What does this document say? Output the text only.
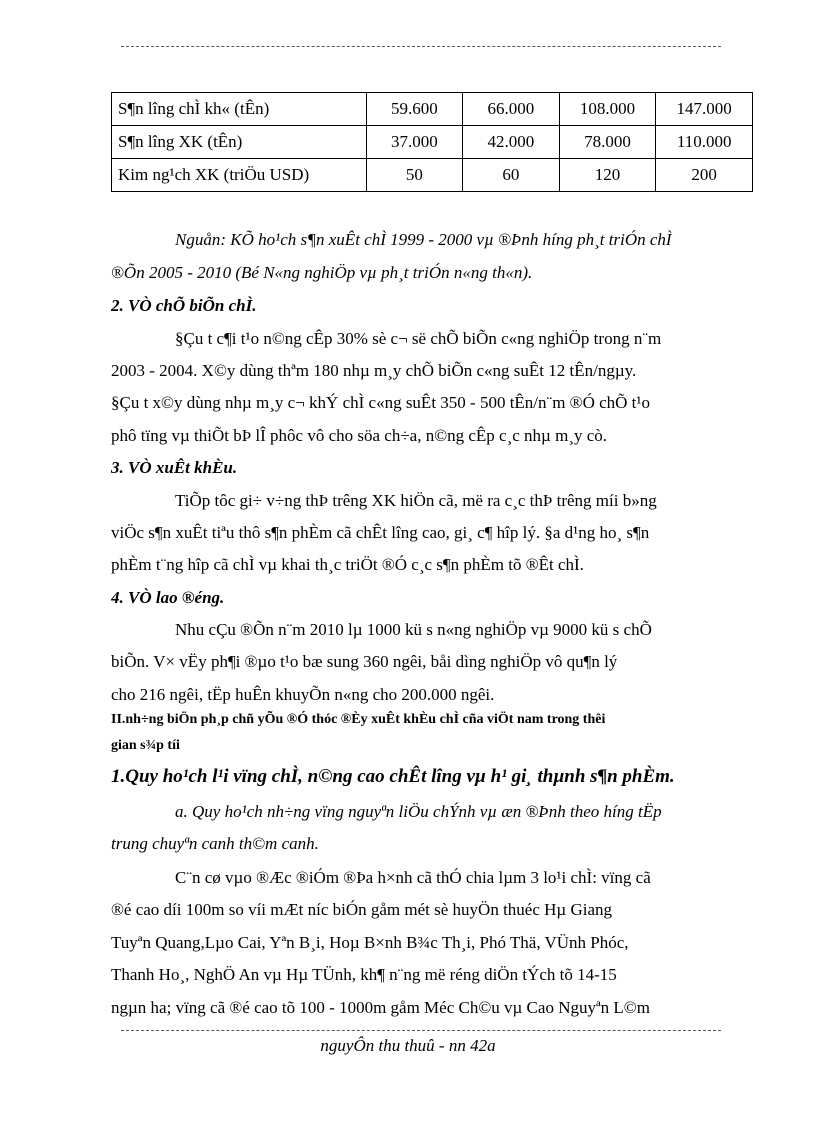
S¶n lîng chÌ kh« (tÊn)	59.600	66.000	108.000	147.000
S¶n lîng XK (tÊn)	37.000	42.000	78.000	110.000
Kim ng¹ch XK (triÖu USD)	50	60	120	200
Nguån: KÕ ho¹ch s¶n xuÊt chÌ 1999 - 2000 vµ ®Þnh híng ph¸t triÓn chÌ
®Õn 2005 - 2010 (Bé N«ng nghiÖp vµ ph¸t triÓn n«ng th«n).
2. VÒ chÕ biÕn chÌ.
§Çu t c¶i t¹o n©ng cÊp 30% sè c¬ së chÕ biÕn c«ng nghiÖp trong n¨m
2003 - 2004. X©y dùng thªm 180 nhµ m¸y chÕ biÕn c«ng suÊt 12 tÊn/ngµy.
§Çu t x©y dùng nhµ m¸y c¬ khÝ chÌ c«ng suÊt 350 - 500 tÊn/n¨m ®Ó chÕ t¹o
phô tïng vµ thiÕt bÞ lÎ phôc vô cho söa ch÷a, n©ng cÊp c¸c nhµ m¸y cò.
3. VÒ xuÊt khÈu.
TiÕp tôc gi÷ v÷ng thÞ trêng XK hiÖn cã, më ra c¸c thÞ trêng míi b»ng
viÖc s¶n xuÊt tiªu thô s¶n phÈm cã chÊt lîng cao, gi¸ c¶ hîp lý. §a d¹ng ho¸ s¶n
phÈm t¨ng hîp cã chÌ vµ khai th¸c triÖt ®Ó c¸c s¶n phÈm tõ ®Êt chÌ.
4. VÒ lao ®éng.
Nhu cÇu ®Õn n¨m 2010 lµ 1000 kü s n«ng nghiÖp vµ 9000 kü s chÕ
biÕn. V× vËy ph¶i ®µo t¹o bæ sung 360 ngêi, båi dìng nghiÖp vô qu¶n lý
cho 216 ngêi, tËp huÊn khuyÕn n«ng cho 200.000 ngêi.
II.nh÷ng biÖn ph¸p chñ yÕu ®Ó thóc ®Èy xuÊt khÈu chÌ cña viÖt nam trong thêi
gian s¾p tíi
1.Quy ho¹ch l¹i vïng chÌ, n©ng cao chÊt lîng vµ h¹ gi¸ thµnh s¶n phÈm.
a. Quy ho¹ch nh÷ng vïng nguyªn liÖu chÝnh vµ æn ®Þnh theo híng tËp
trung chuyªn canh th©m canh.
C¨n cø vµo ®Æc ®iÓm ®Þa h×nh cã thÓ chia lµm 3 lo¹i chÌ: vïng cã
®é cao díi 100m so víi mÆt níc biÓn gåm mét sè huyÖn thuéc Hµ Giang
Tuyªn Quang,Lµo Cai, Yªn B¸i, Hoµ B×nh B¾c Th¸i, Phó Thä, VÜnh Phóc,
Thanh Ho¸, NghÖ An vµ Hµ TÜnh, kh¶ n¨ng më réng diÖn tÝch tõ 14-15
ngµn ha; vïng cã ®é cao tõ 100 - 1000m gåm Méc Ch©u vµ Cao Nguyªn L©m
nguyÔn thu thuû - nn 42a
